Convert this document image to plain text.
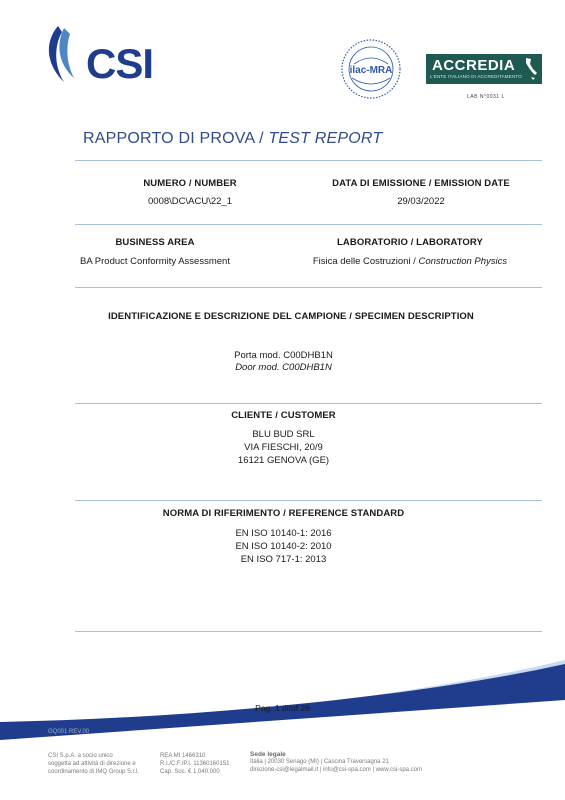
CSI	ilac-MRA	ACCREDIA
L'ENTE ITALIANO DI ACCREDITAMENTO
LAB N°0031 L
RAPPORTO DI PROVA / TEST REPORT
NUMERO / NUMBER
0008\DC\ACU\22_1
DATA DI EMISSIONE / EMISSION DATE
29/03/2022
BUSINESS AREA
BA Product Conformity Assessment
LABORATORIO / LABORATORY
Fisica delle Costruzioni / Construction Physics
IDENTIFICAZIONE E DESCRIZIONE DEL CAMPIONE / SPECIMEN DESCRIPTION
Porta mod. C00DHB1N
Door mod. C00DHB1N
CLIENTE / CUSTOMER
BLU BUD SRL
VIA FIESCHI, 20/9
16121 GENOVA (GE)
NORMA DI RIFERIMENTO / REFERENCE STANDARD
EN ISO 10140-1: 2016
EN ISO 10140-2: 2010
EN ISO 717-1: 2013
Pag. 1 di/of 26
GQ001 REV.00
CSI S.p.A. a socio unico
soggetta ad attività di direzione e
coordinamento di IMQ Group S.r.l.
REA MI 1466310
R.I./C.F./P.I. 11360160151
Cap. Soc. € 1.040.000
Sede legale
Italia | 20030 Senago (MI) | Cascina Traversagna 21
direzione-csi@legalmail.it | info@csi-spa.com | www.csi-spa.com
